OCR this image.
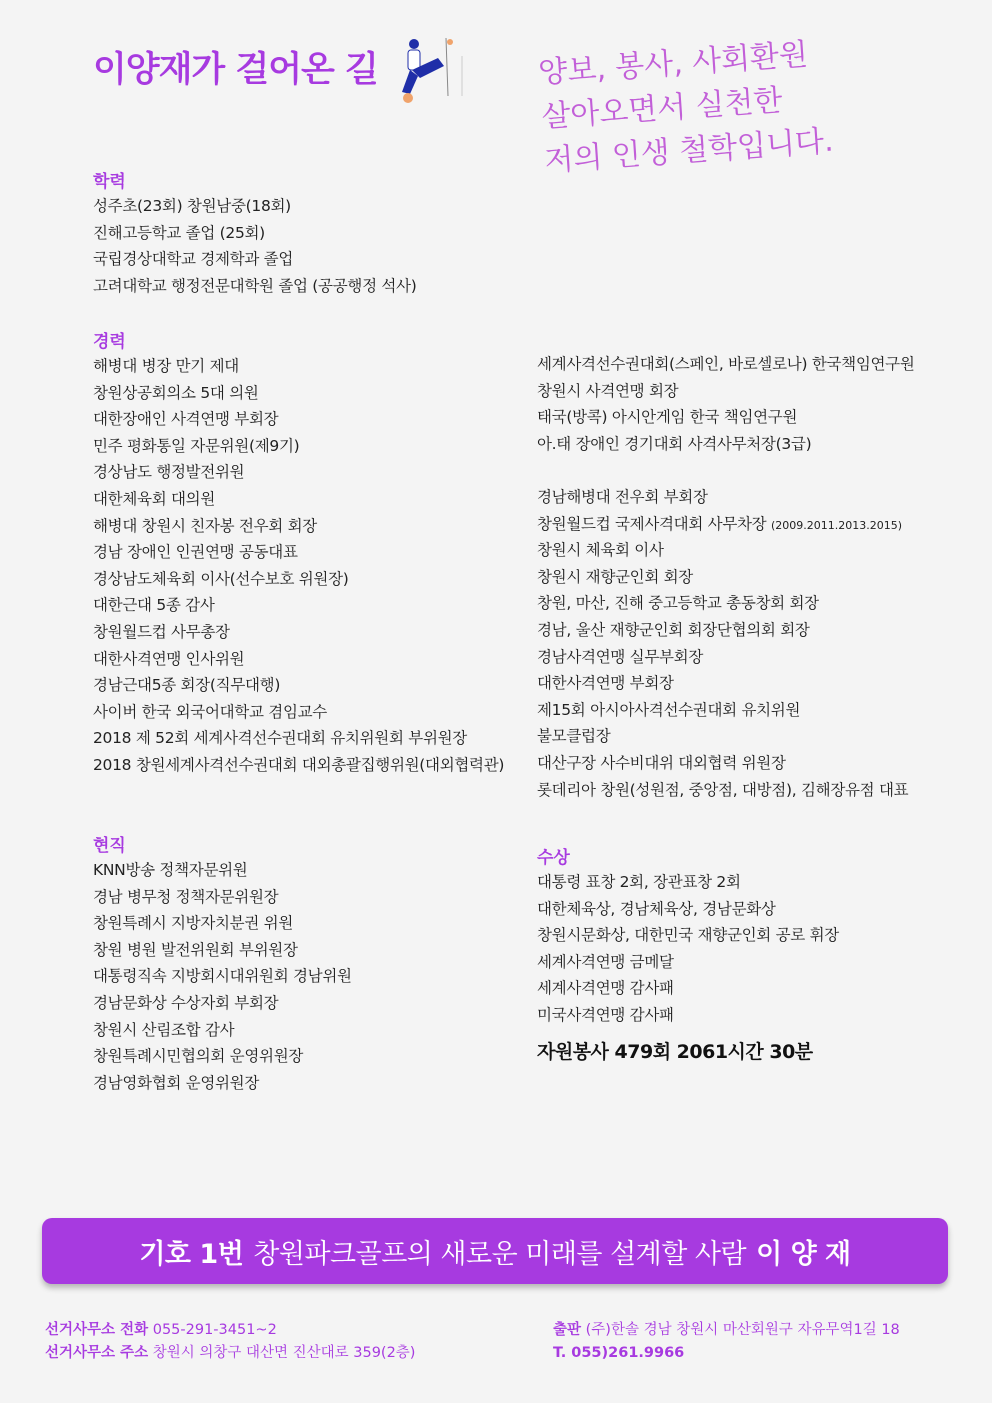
이양재가 걸어온 길	양보, 봉사, 사회환원
살아오면서 실천한
저의 인생 철학입니다.
학력
성주초(23회) 창원남중(18회)
진해고등학교 졸업 (25회)
국립경상대학교 경제학과 졸업
고려대학교 행정전문대학원 졸업 (공공행정 석사)
경력
해병대 병장 만기 제대
창원상공회의소 5대 의원
대한장애인 사격연맹 부회장
민주 평화통일 자문위원(제9기)
경상남도 행정발전위원
대한체육회 대의원
해병대 창원시 친자봉 전우회 회장
경남 장애인 인권연맹 공동대표
경상남도체육회 이사(선수보호 위원장)
대한근대 5종 감사
창원월드컵 사무총장
대한사격연맹 인사위원
경남근대5종 회장(직무대행)
사이버 한국 외국어대학교 겸임교수
2018 제 52회 세계사격선수권대회 유치위원회 부위원장
2018 창원세계사격선수권대회 대외총괄집행위원(대외협력관)
세계사격선수권대회(스페인, 바로셀로나) 한국책임연구원
창원시 사격연맹 회장
태국(방콕) 아시안게임 한국 책임연구원
아.태 장애인 경기대회 사격사무처장(3급)
경남해병대 전우회 부회장
창원월드컵 국제사격대회 사무차장 (2009.2011.2013.2015)
창원시 체육회 이사
창원시 재향군인회 회장
창원, 마산, 진해 중고등학교 총동창회 회장
경남, 울산 재향군인회 회장단협의회 회장
경남사격연맹 실무부회장
대한사격연맹 부회장
제15회 아시아사격선수권대회 유치위원
불모클럽장
대산구장 사수비대위 대외협력 위원장
롯데리아 창원(성원점, 중앙점, 대방점), 김해장유점 대표
현직
KNN방송 정책자문위원
경남 병무청 정책자문위원장
창원특례시 지방자치분권 위원
창원 병원 발전위원회 부위원장
대통령직속 지방회시대위원회 경남위원
경남문화상 수상자회 부회장
창원시 산림조합 감사
창원특례시민협의회 운영위원장
경남영화협회 운영위원장
수상
대통령 표창 2회, 장관표창 2회
대한체육상, 경남체육상, 경남문화상
창원시문화상, 대한민국 재향군인회 공로 휘장
세계사격연맹 금메달
세계사격연맹 감사패
미국사격연맹 감사패
자원봉사 479회 2061시간 30분
기호 1번 창원파크골프의 새로운 미래를 설계할 사람 이 양 재
선거사무소 전화 055-291-3451~2
선거사무소 주소 창원시 의창구 대산면 진산대로 359(2층)
출판 (주)한솔 경남 창원시 마산회원구 자유무역1길 18
T. 055)261.9966
